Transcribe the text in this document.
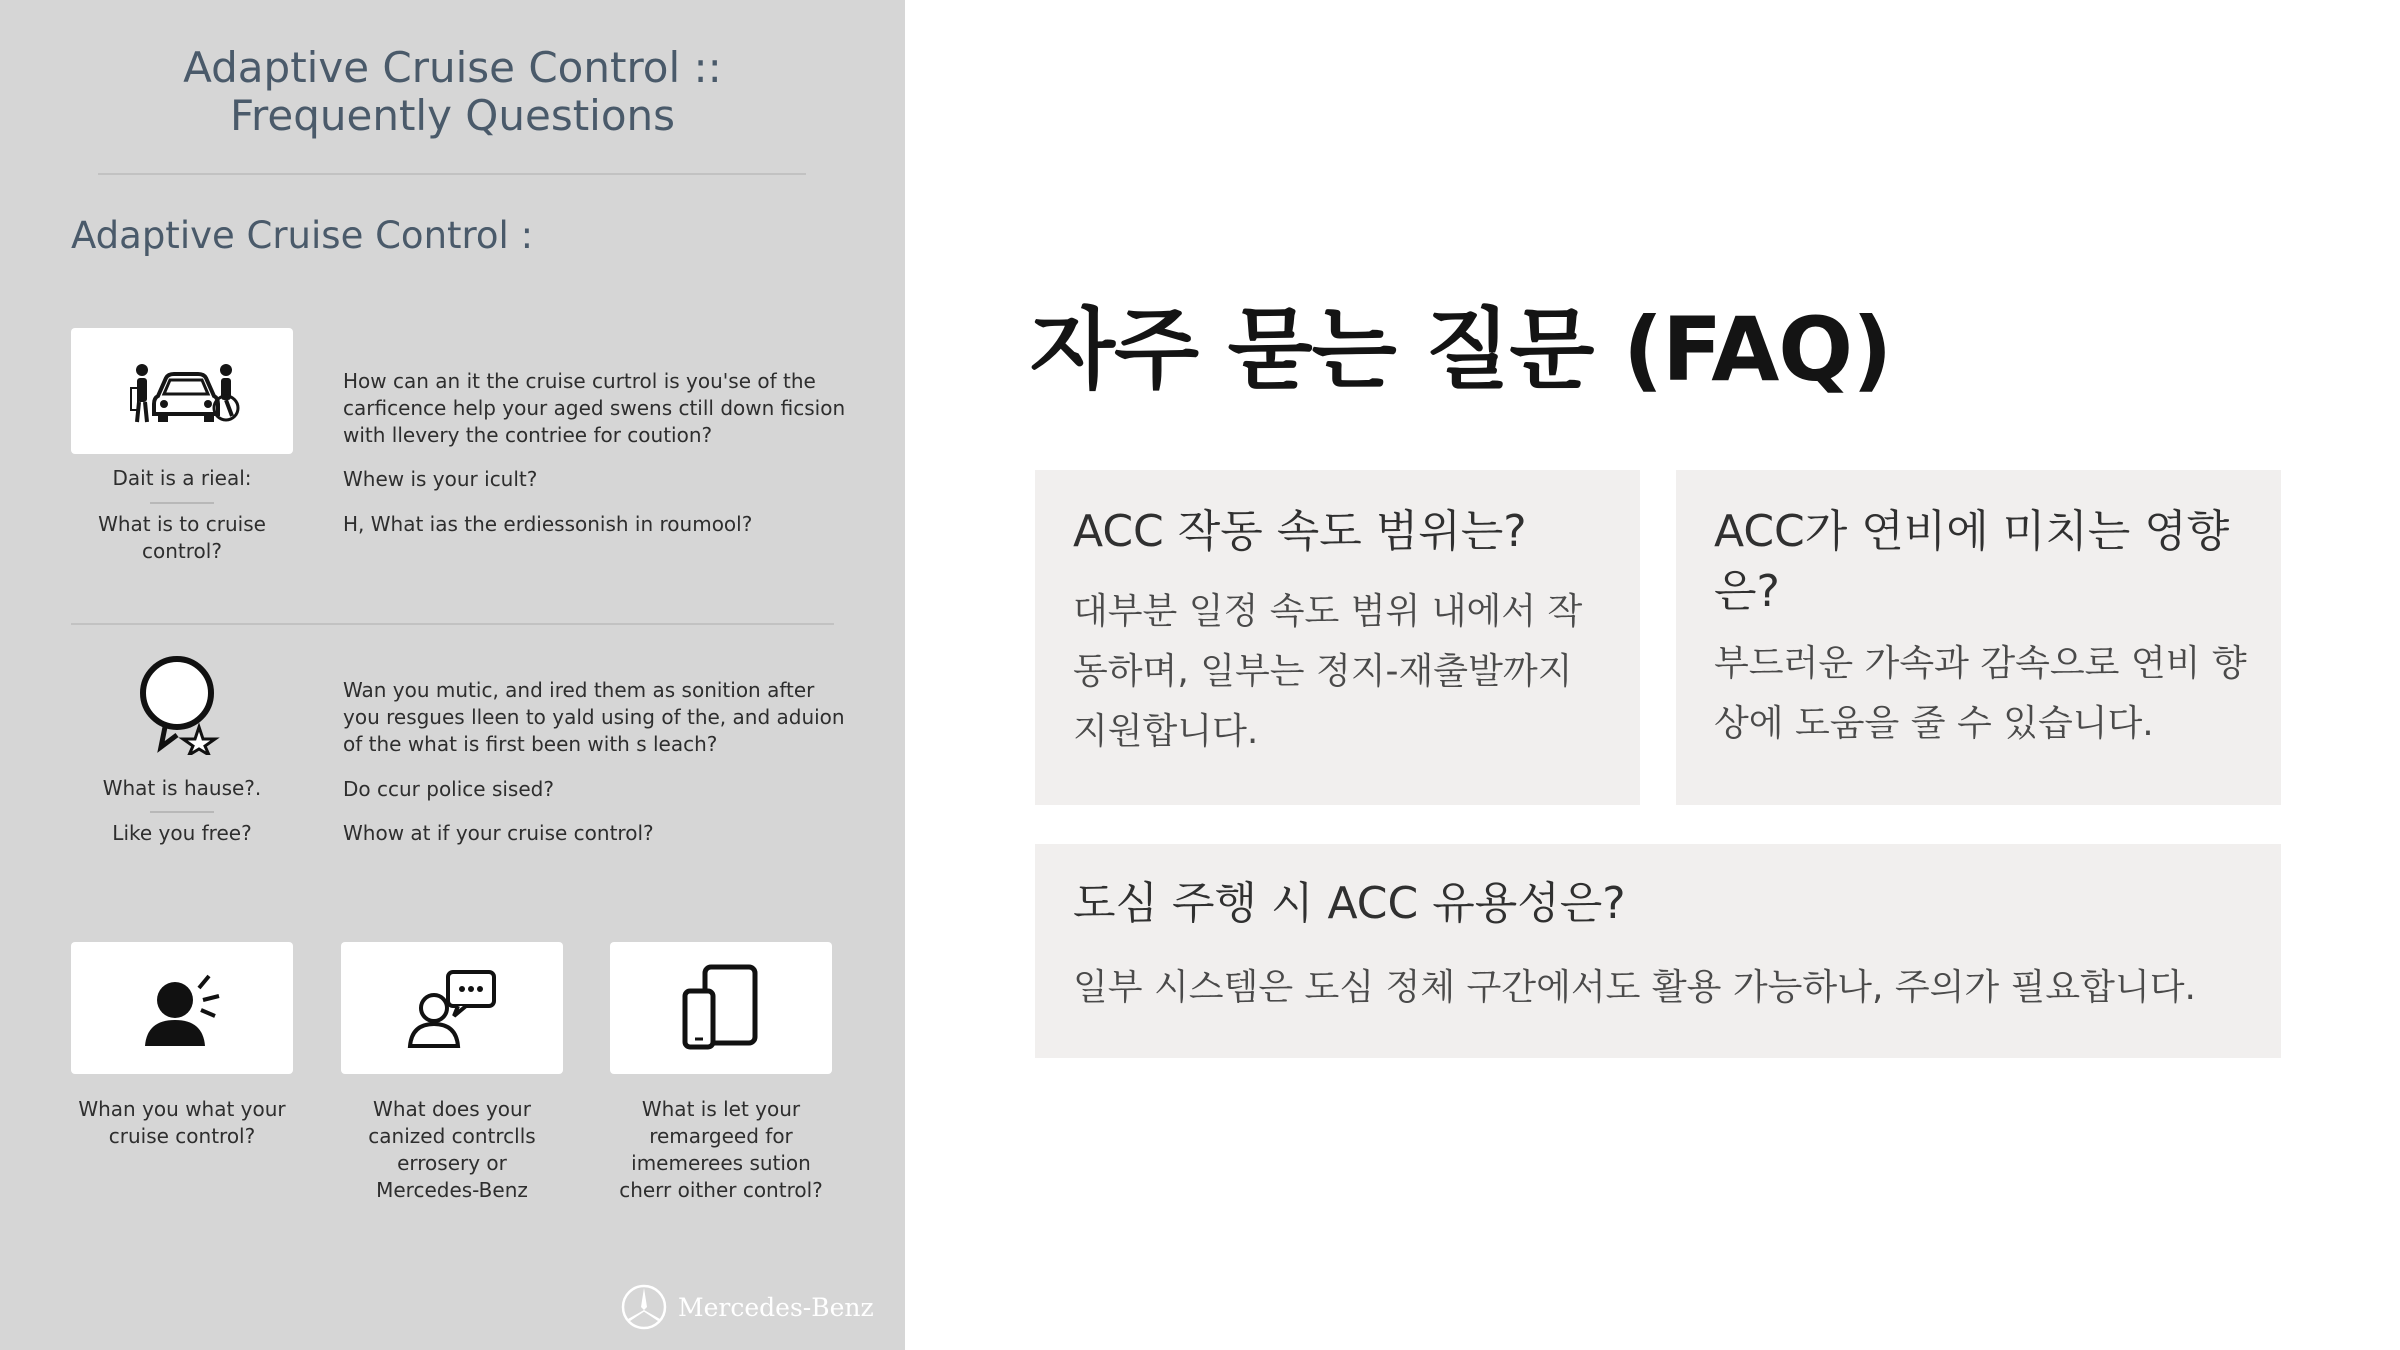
Adaptive Cruise Control ::
Frequently Questions
Adaptive Cruise Control :
Dait is a rieal:
What is to cruise
control?
How can an it the cruise curtrol is you'se of the
carficence help your aged swens ctill down ficsion
with llevery the contriee for coution?
Whew is your icult?
H, What ias the erdiessonish in roumool?
What is hause?.
Like you free?
Wan you mutic, and ired them as sonition after
you resgues lleen to yald using of the, and aduion
of the what is first been with s leach?
Do ccur police sised?
Whow at if your cruise control?
Whan you what your
cruise control?
What does your
canized contrclls
errosery or
Mercedes-Benz
What is let your
remargeed for
imemerees sution
cherr oither control?
Mercedes-Benz
자주 묻는 질문 (FAQ)
ACC 작동 속도 범위는?
대부분 일정 속도 범위 내에서 작
동하며, 일부는 정지-재출발까지
지원합니다.
ACC가 연비에 미치는 영향
은?
부드러운 가속과 감속으로 연비 향
상에 도움을 줄 수 있습니다.
도심 주행 시 ACC 유용성은?
일부 시스템은 도심 정체 구간에서도 활용 가능하나, 주의가 필요합니다.
